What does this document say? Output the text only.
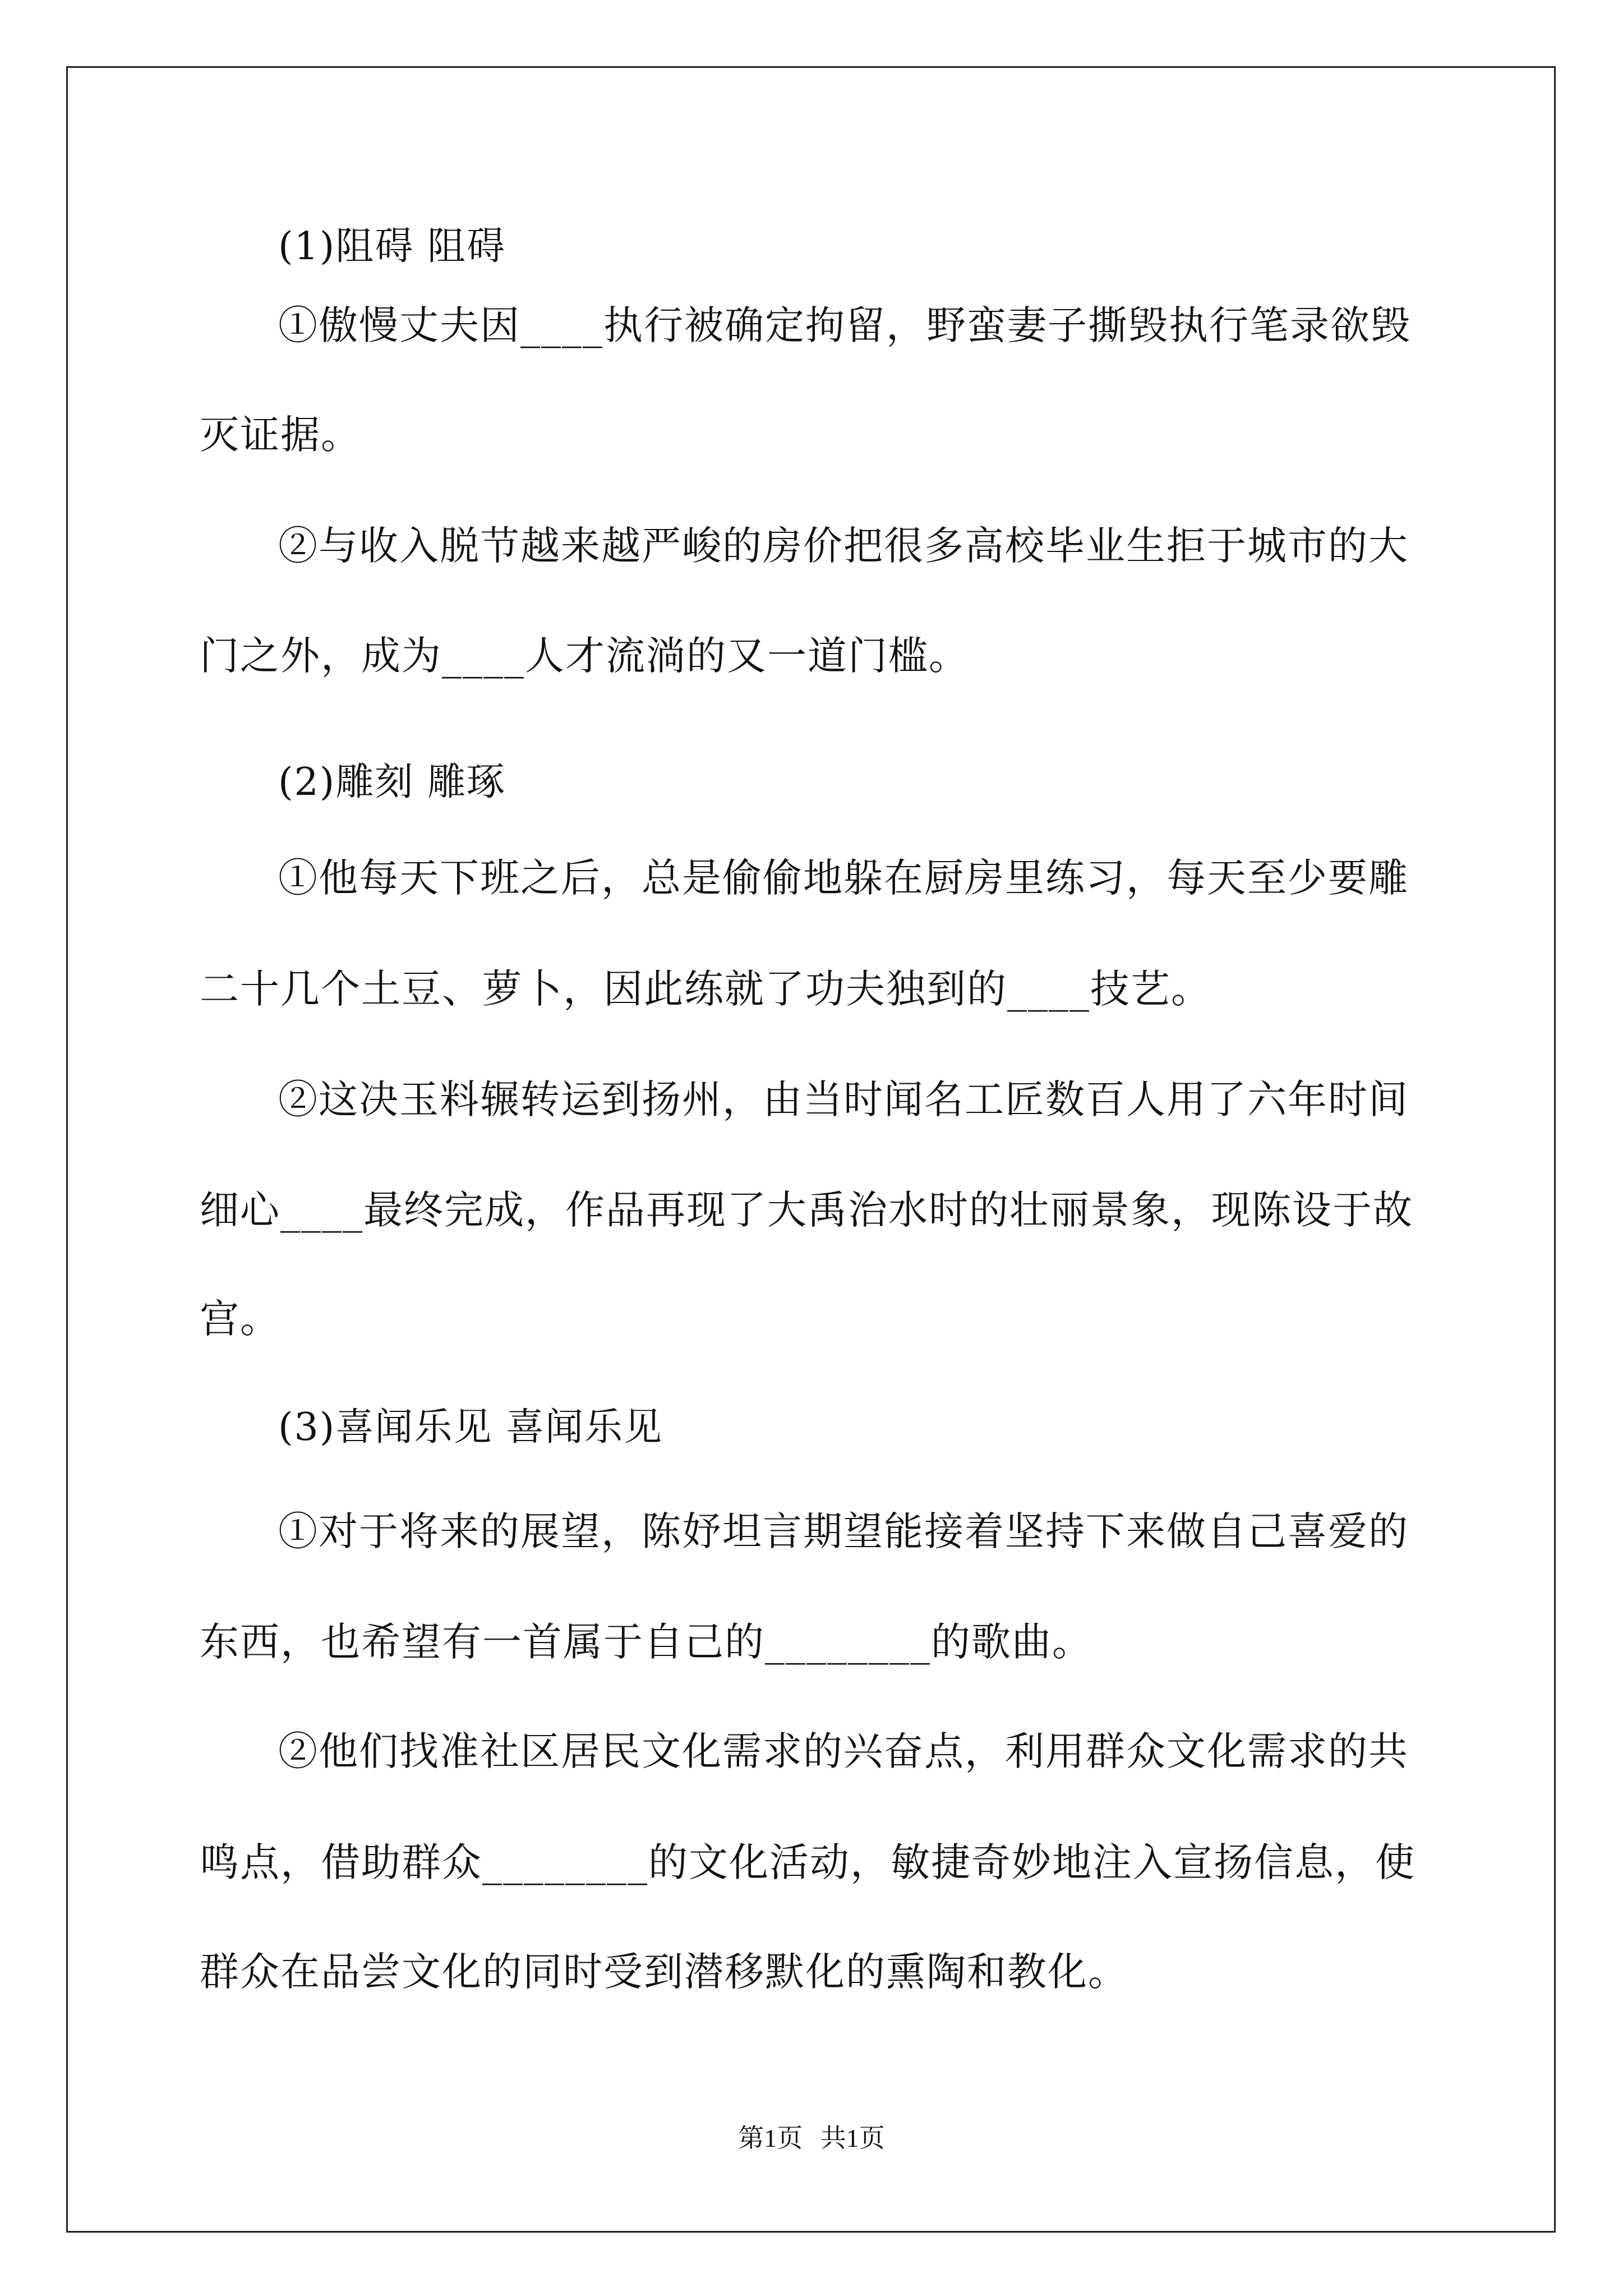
(1)阻碍 阻碍
①傲慢丈夫因____执行被确定拘留，野蛮妻子撕毁执行笔录欲毁
灭证据。
②与收入脱节越来越严峻的房价把很多高校毕业生拒于城市的大
门之外，成为____人才流淌的又一道门槛。
(2)雕刻 雕琢
①他每天下班之后，总是偷偷地躲在厨房里练习，每天至少要雕
二十几个土豆、萝卜，因此练就了功夫独到的____技艺。
②这决玉料辗转运到扬州，由当时闻名工匠数百人用了六年时间
细心____最终完成，作品再现了大禹治水时的壮丽景象，现陈设于故
宫。
(3)喜闻乐见 喜闻乐见
①对于将来的展望，陈妤坦言期望能接着坚持下来做自己喜爱的
东西，也希望有一首属于自己的________的歌曲。
②他们找准社区居民文化需求的兴奋点，利用群众文化需求的共
鸣点，借助群众________的文化活动，敏捷奇妙地注入宣扬信息，使
群众在品尝文化的同时受到潜移默化的熏陶和教化。
第1页 共1页
